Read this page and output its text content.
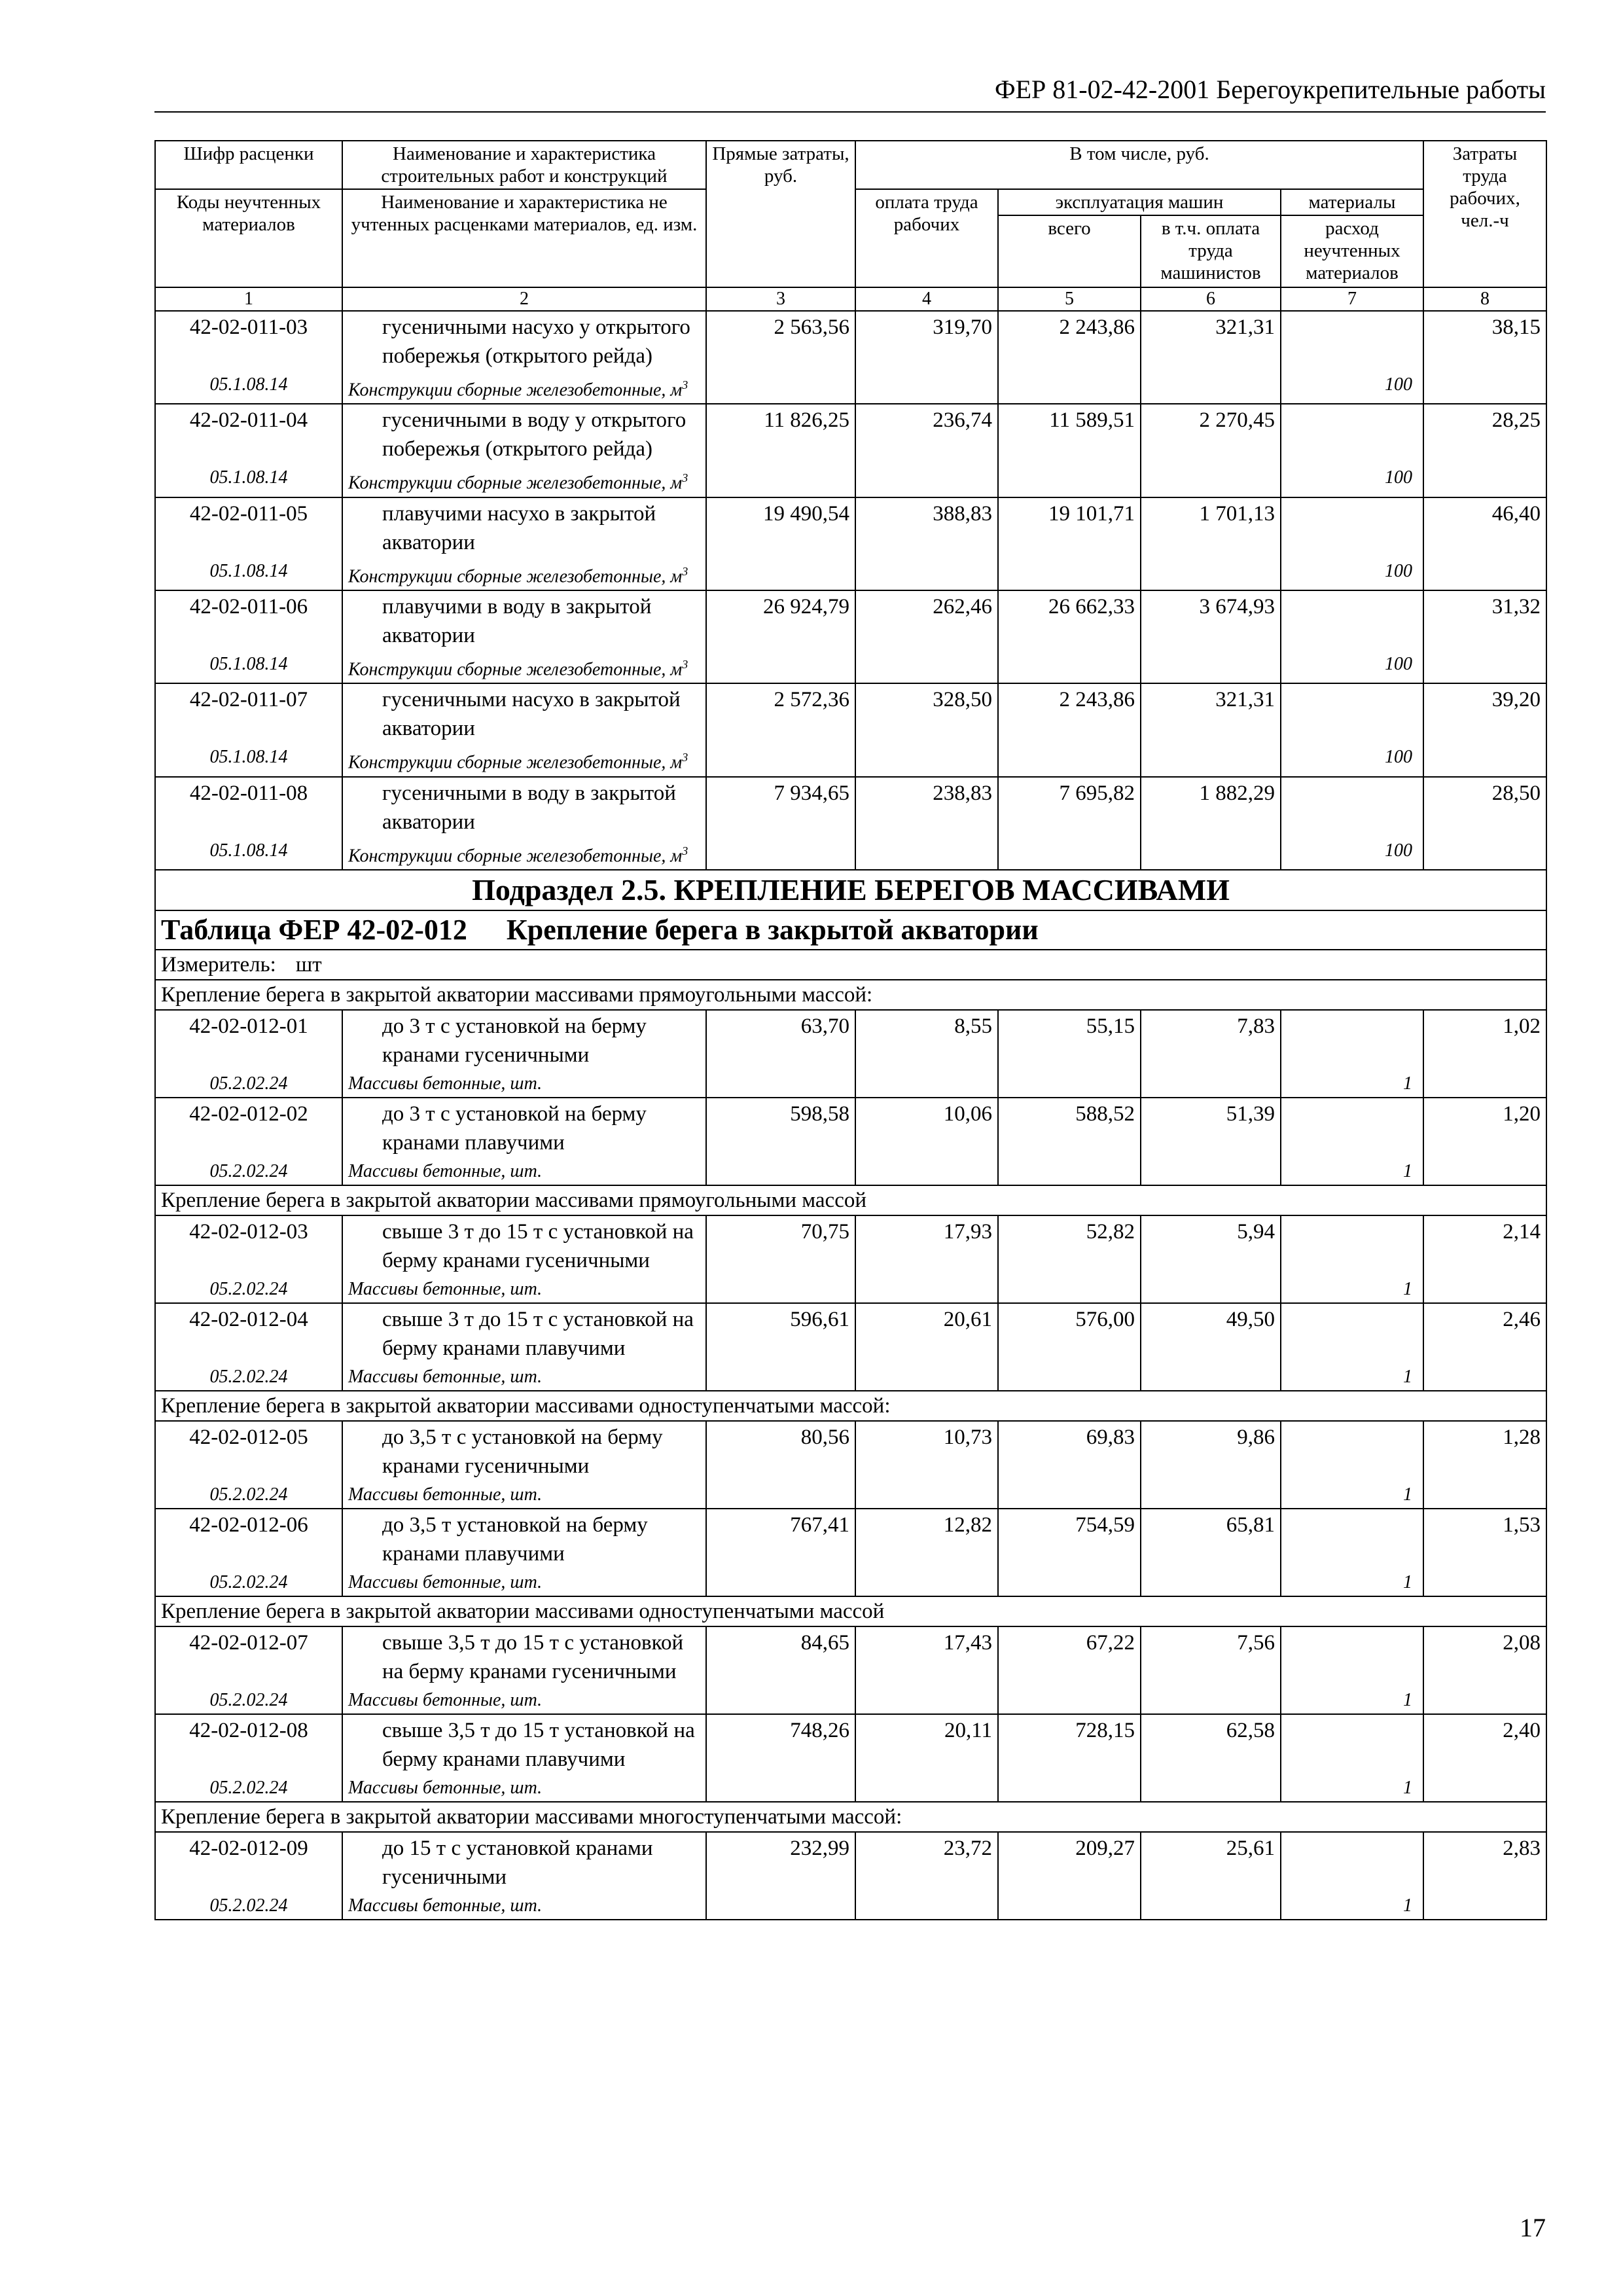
ФЕР 81-02-42-2001 Берегоукрепительные работы
Шифр расценки	Наименование и характеристика строительных работ и конструкций	Прямые затраты, руб.	В том числе, руб.				Затраты труда рабочих, чел.-ч
Коды неучтенных материалов	Наименование и характеристика не учтенных расценками материалов, ед. изм.		оплата труда рабочих	эксплуатация машин		материалы	
				всего	в т.ч. оплата труда машинистов	расход неучтенных материалов	
1	2	3	4	5	6	7	8
42-02-011-03	гусеничными насухо у открытого побережья (открытого рейда)	2 563,56	319,70	2 243,86	321,31		38,15
05.1.08.14	Конструкции сборные железобетонные, $м^3$					100	
42-02-011-04	гусеничными в воду у открытого побережья (открытого рейда)	11 826,25	236,74	11 589,51	2 270,45		28,25
05.1.08.14	Конструкции сборные железобетонные, $м^3$					100	
42-02-011-05	плавучими насухо в закрытой акватории	19 490,54	388,83	19 101,71	1 701,13		46,40
05.1.08.14	Конструкции сборные железобетонные, $м^3$					100	
42-02-011-06	плавучими в воду в закрытой акватории	26 924,79	262,46	26 662,33	3 674,93		31,32
05.1.08.14	Конструкции сборные железобетонные, $м^3$					100	
42-02-011-07	гусеничными насухо в закрытой акватории	2 572,36	328,50	2 243,86	321,31		39,20
05.1.08.14	Конструкции сборные железобетонные, $м^3$					100	
42-02-011-08	гусеничными в воду в закрытой акватории	7 934,65	238,83	7 695,82	1 882,29		28,50
05.1.08.14	Конструкции сборные железобетонные, $м^3$					100	
Подраздел 2.5. КРЕПЛЕНИЕ БЕРЕГОВ МАССИВАМИ							
Таблица ФЕР 42-02-012 Крепление берега в закрытой акватории							
Измеритель: шт							
Крепление берега в закрытой акватории массивами прямоугольными массой:							
42-02-012-01	до 3 т с установкой на берму кранами гусеничными	63,70	8,55	55,15	7,83		1,02
05.2.02.24	Массивы бетонные, шт.					1	
42-02-012-02	до 3 т с установкой на берму кранами плавучими	598,58	10,06	588,52	51,39		1,20
05.2.02.24	Массивы бетонные, шт.					1	
Крепление берега в закрытой акватории массивами прямоугольными массой							
42-02-012-03	свыше 3 т до 15 т с установкой на берму кранами гусеничными	70,75	17,93	52,82	5,94		2,14
05.2.02.24	Массивы бетонные, шт.					1	
42-02-012-04	свыше 3 т до 15 т с установкой на берму кранами плавучими	596,61	20,61	576,00	49,50		2,46
05.2.02.24	Массивы бетонные, шт.					1	
Крепление берега в закрытой акватории массивами одноступенчатыми массой:							
42-02-012-05	до 3,5 т с установкой на берму кранами гусеничными	80,56	10,73	69,83	9,86		1,28
05.2.02.24	Массивы бетонные, шт.					1	
42-02-012-06	до 3,5 т установкой на берму кранами плавучими	767,41	12,82	754,59	65,81		1,53
05.2.02.24	Массивы бетонные, шт.					1	
Крепление берега в закрытой акватории массивами одноступенчатыми массой							
42-02-012-07	свыше 3,5 т до 15 т с установкой на берму кранами гусеничными	84,65	17,43	67,22	7,56		2,08
05.2.02.24	Массивы бетонные, шт.					1	
42-02-012-08	свыше 3,5 т до 15 т установкой на берму кранами плавучими	748,26	20,11	728,15	62,58		2,40
05.2.02.24	Массивы бетонные, шт.					1	
Крепление берега в закрытой акватории массивами многоступенчатыми массой:							
42-02-012-09	до 15 т с установкой кранами гусеничными	232,99	23,72	209,27	25,61		2,83
05.2.02.24	Массивы бетонные, шт.					1	
17
